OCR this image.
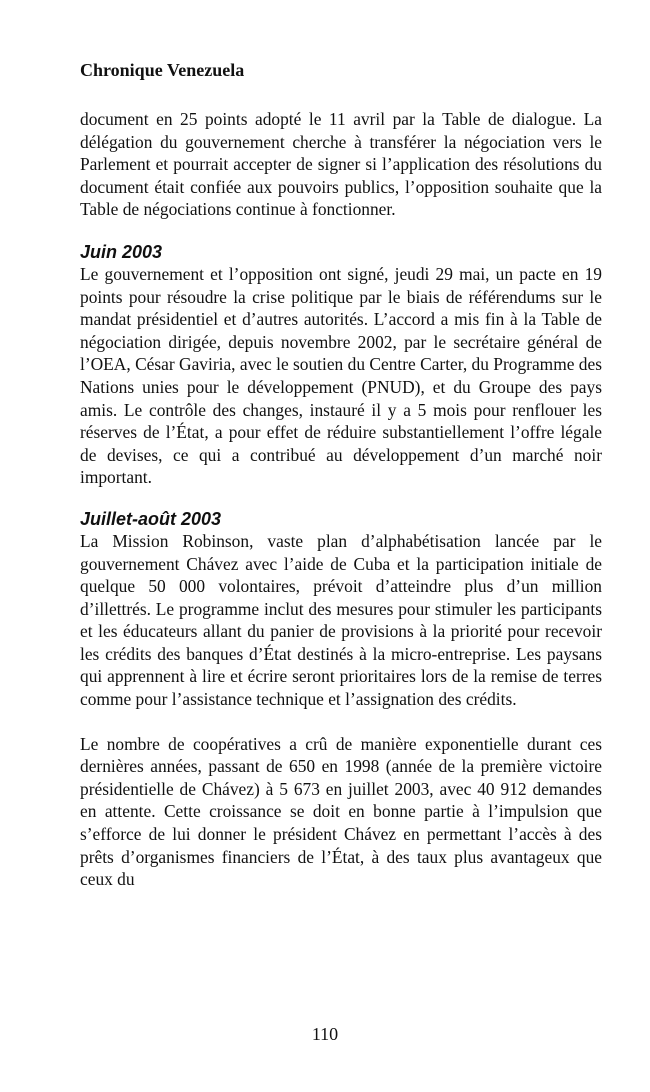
Chronique Venezuela

document en 25 points adopté le 11 avril par la Table de dialogue. La délégation du gouvernement cherche à transférer la négociation vers le Parlement et pourrait accepter de signer si l’application des résolutions du document était confiée aux pouvoirs publics, l’opposition souhaite que la Table de négociations continue à fonctionner.

Juin 2003

Le gouvernement et l’opposition ont signé, jeudi 29 mai, un pacte en 19 points pour résoudre la crise politique par le biais de référendums sur le mandat présidentiel et d’autres autorités. L’accord a mis fin à la Table de négociation dirigée, depuis novembre 2002, par le secrétaire général de l’OEA, César Gaviria, avec le soutien du Centre Carter, du Programme des Nations unies pour le développement (PNUD), et du Groupe des pays amis. Le contrôle des changes, instauré il y a 5 mois pour renflouer les réserves de l’État, a pour effet de réduire substantiellement l’offre légale de devises, ce qui a contribué au développement d’un marché noir important.

Juillet-août 2003

La Mission Robinson, vaste plan d’alphabétisation lancée par le gouvernement Chávez avec l’aide de Cuba et la participation initiale de quelque 50 000 volontaires, prévoit d’atteindre plus d’un million d’illettrés. Le programme inclut des mesures pour stimuler les participants et les éducateurs allant du panier de provisions à la priorité pour recevoir les crédits des banques d’État destinés à la micro-entreprise. Les paysans qui apprennent à lire et écrire seront prioritaires lors de la remise de terres comme pour l’assistance technique et l’assignation des crédits.

Le nombre de coopératives a crû de manière exponentielle durant ces dernières années, passant de 650 en 1998 (année de la première victoire présidentielle de Chávez) à 5 673 en juillet 2003, avec 40 912 demandes en attente. Cette croissance se doit en bonne partie à l’impulsion que s’efforce de lui donner le président Chávez en permettant l’accès à des prêts d’organismes financiers de l’État, à des taux plus avantageux que ceux du

110
